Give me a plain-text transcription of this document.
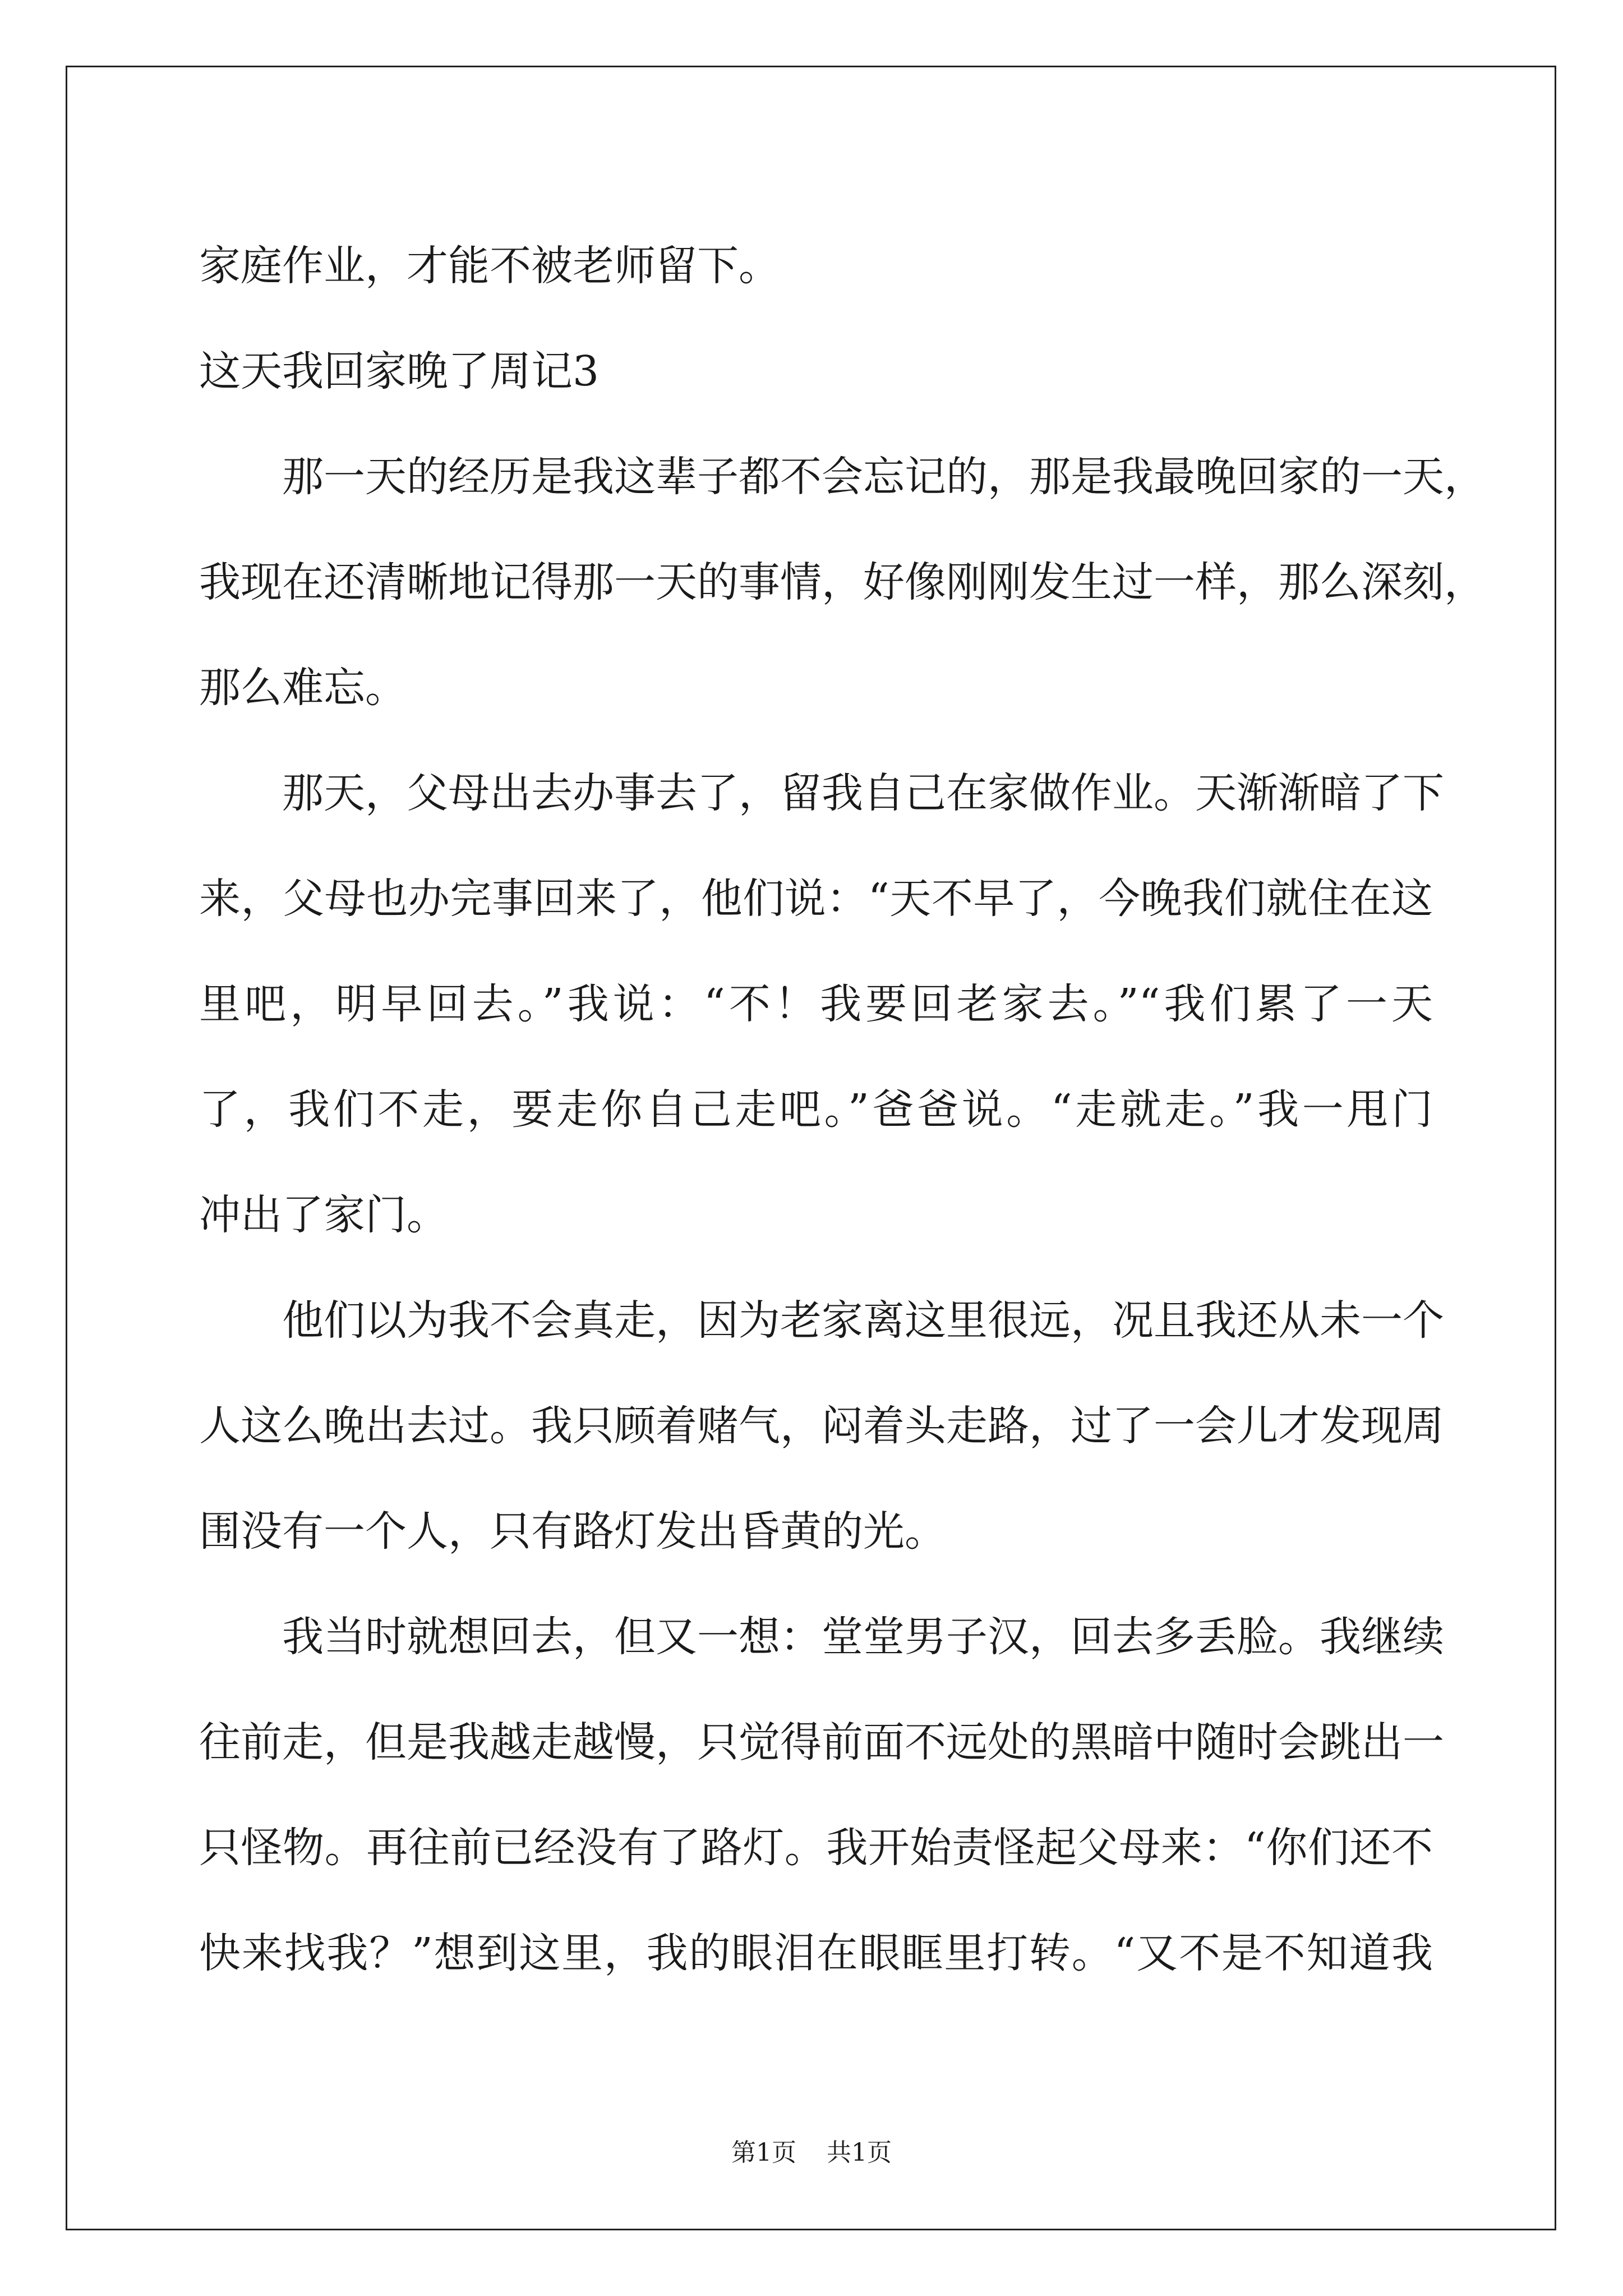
家庭作业，才能不被老师留下。
这天我回家晚了周记3
那一天的经历是我这辈子都不会忘记的，那是我最晚回家的一天，
我现在还清晰地记得那一天的事情，好像刚刚发生过一样，那么深刻，
那么难忘。
那天，父母出去办事去了，留我自己在家做作业。天渐渐暗了下
来，父母也办完事回来了，他们说：“天不早了，今晚我们就住在这
里吧，明早回去。”我说：“不！我要回老家去。”“我们累了一天
了，我们不走，要走你自己走吧。”爸爸说。“走就走。”我一甩门
冲出了家门。
他们以为我不会真走，因为老家离这里很远，况且我还从未一个
人这么晚出去过。我只顾着赌气，闷着头走路，过了一会儿才发现周
围没有一个人，只有路灯发出昏黄的光。
我当时就想回去，但又一想：堂堂男子汉，回去多丢脸。我继续
往前走，但是我越走越慢，只觉得前面不远处的黑暗中随时会跳出一
只怪物。再往前已经没有了路灯。我开始责怪起父母来：“你们还不
快来找我？”想到这里，我的眼泪在眼眶里打转。“又不是不知道我
第1页 共1页
